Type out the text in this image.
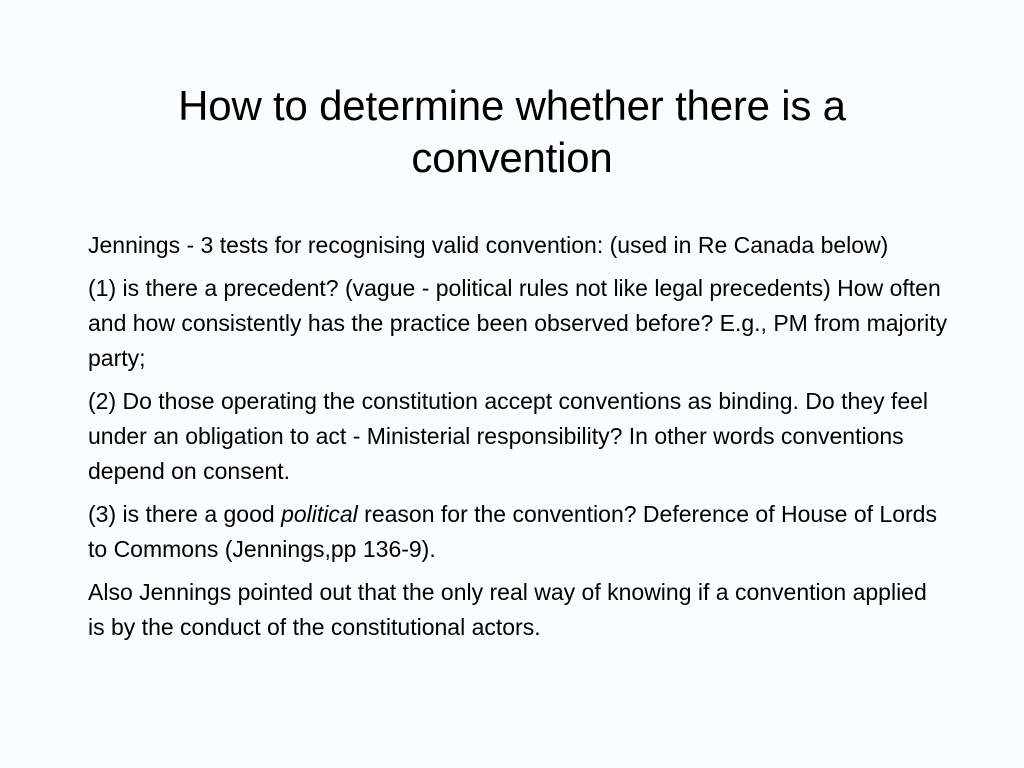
How to determine whether there is a convention

Jennings - 3 tests for recognising valid convention: (used in Re Canada below)

(1) is there a precedent? (vague - political rules not like legal precedents) How often and how consistently has the practice been observed before? E.g., PM from majority party;

(2) Do those operating the constitution accept conventions as binding. Do they feel under an obligation to act - Ministerial responsibility? In other words conventions depend on consent.

(3) is there a good political reason for the convention? Deference of House of Lords to Commons (Jennings,pp 136-9).

Also Jennings pointed out that the only real way of knowing if a convention applied is by the conduct of the constitutional actors.
